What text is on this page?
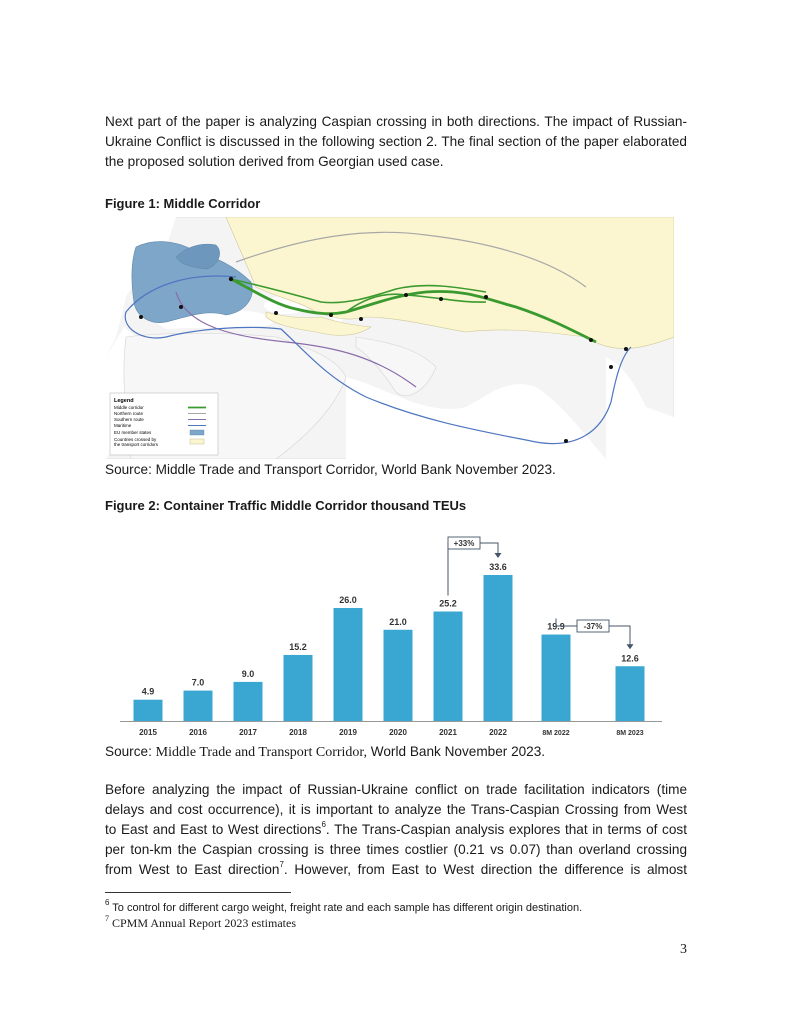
Next part of the paper is analyzing Caspian crossing in both directions. The impact of Russian-
Ukraine Conflict is discussed in the following section 2. The final section of the paper elaborated
the proposed solution derived from Georgian used case.
Figure 1: Middle Corridor
Legend
Middle corridor
Northern route
Southern route
Maritime
EU member states
Countries crossed by
the transport corridors
Source: Middle Trade and Transport Corridor, World Bank November 2023.
Figure 2: Container Traffic Middle Corridor thousand TEUs
4.9
7.0
9.0
15.2
26.0
21.0
25.2
33.6
19.9
12.6
2015	2016	2017	2018	2019	2020	2021	2022	8M 2022	8M 2023
+33%
-37%
Source: Middle Trade and Transport Corridor, World Bank November 2023.
Before analyzing the impact of Russian-Ukraine conflict on trade facilitation indicators (time
delays and cost occurrence), it is important to analyze the Trans-Caspian Crossing from West
to East and East to West directions$^6$. The Trans-Caspian analysis explores that in terms of cost
per ton-km the Caspian crossing is three times costlier (0.21 vs 0.07) than overland crossing
from West to East direction$^7$. However, from East to West direction the difference is almost
$^6$ To control for different cargo weight, freight rate and each sample has different origin destination.
$^7$ CPMM Annual Report 2023 estimates
3
